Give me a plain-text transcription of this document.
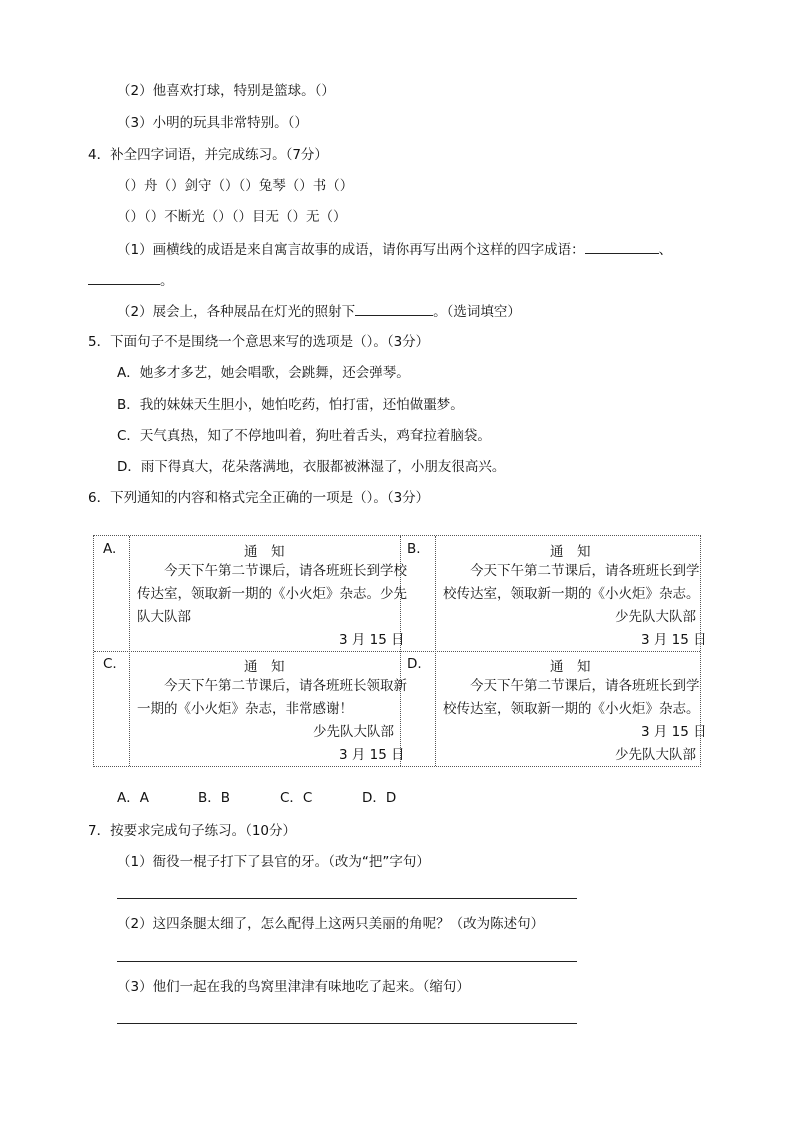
（2）他喜欢打球，特别是篮球。（）
（3）小明的玩具非常特别。（）
4．补全四字词语，并完成练习。（7分）
（）舟（）剑守（）（）兔琴（）书（）
（）（）不断光（）（）目无（）无（）
（1）画横线的成语是来自寓言故事的成语，请你再写出两个这样的四字成语：	、
。
（2）展会上，各种展品在灯光的照射下	。（选词填空）
5．下面句子不是围绕一个意思来写的选项是（）。（3分）
A．她多才多艺，她会唱歌，会跳舞，还会弹琴。
B．我的妹妹天生胆小，她怕吃药，怕打雷，还怕做噩梦。
C．天气真热，知了不停地叫着，狗吐着舌头，鸡耷拉着脑袋。
D．雨下得真大，花朵落满地，衣服都被淋湿了，小朋友很高兴。
6．下列通知的内容和格式完全正确的一项是（）。（3分）
A.	通　知
今天下午第二节课后，请各班班长到学校
传达室，领取新一期的《小火炬》杂志。少先
队大队部
3 月 15 日
B.	通　知
今天下午第二节课后，请各班班长到学
校传达室，领取新一期的《小火炬》杂志。
少先队大队部
3 月 15 日
C.	通　知
今天下午第二节课后，请各班班长领取新
一期的《小火炬》杂志，非常感谢！
少先队大队部
3 月 15 日
D.	通　知
今天下午第二节课后，请各班班长到学
校传达室，领取新一期的《小火炬》杂志。
3 月 15 日
少先队大队部
A．A	B．B	C．C	D．D
7．按要求完成句子练习。（10分）
（1）衙役一棍子打下了县官的牙。（改为“把”字句）
（2）这四条腿太细了，怎么配得上这两只美丽的角呢？（改为陈述句）
（3）他们一起在我的鸟窝里津津有味地吃了起来。（缩句）
